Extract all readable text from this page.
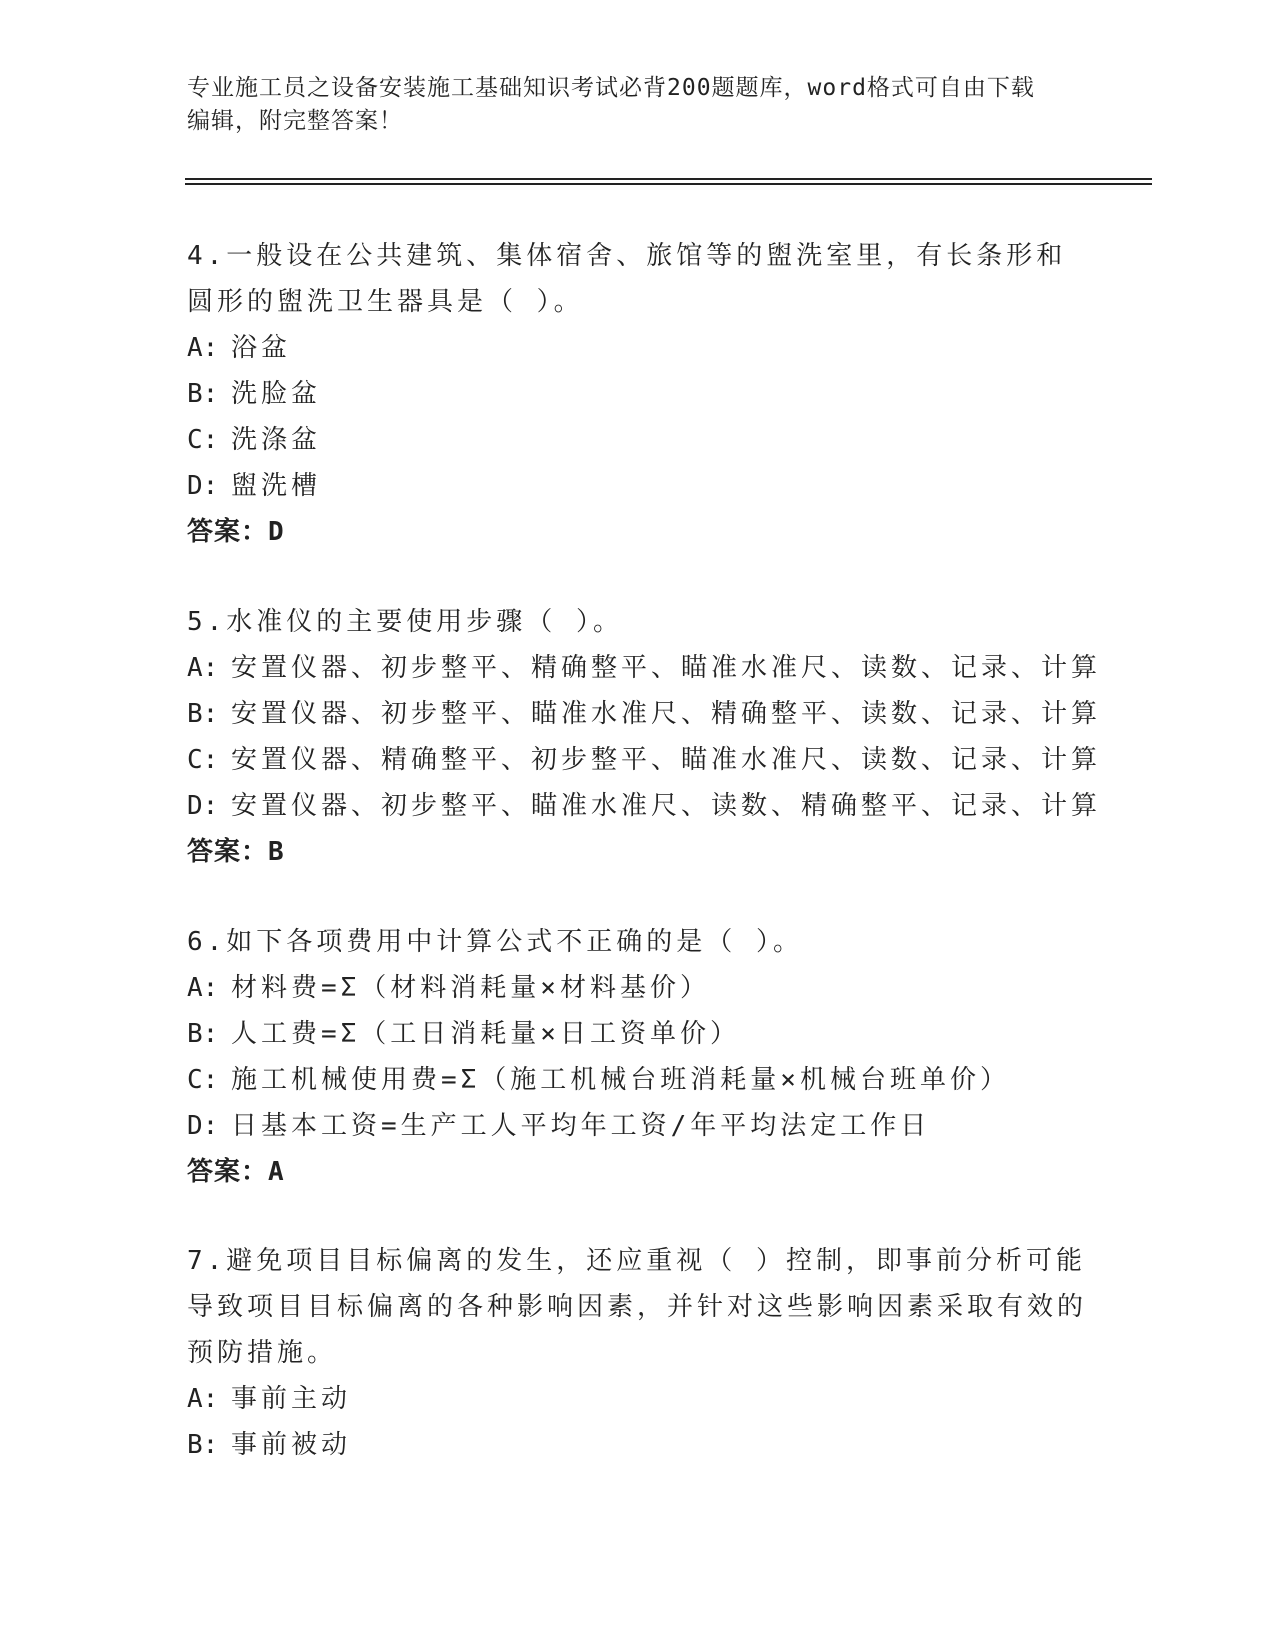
专业施工员之设备安装施工基础知识考试必背200题题库，word格式可自由下载
编辑，附完整答案！
4.一般设在公共建筑、集体宿舍、旅馆等的盥洗室里，有长条形和圆形的盥洗卫生器具是（ ）。
A: 浴盆
B: 洗脸盆
C: 洗涤盆
D: 盥洗槽
答案：D
5.水准仪的主要使用步骤（ ）。
A: 安置仪器、初步整平、精确整平、瞄准水准尺、读数、记录、计算
B: 安置仪器、初步整平、瞄准水准尺、精确整平、读数、记录、计算
C: 安置仪器、精确整平、初步整平、瞄准水准尺、读数、记录、计算
D: 安置仪器、初步整平、瞄准水准尺、读数、精确整平、记录、计算
答案：B
6.如下各项费用中计算公式不正确的是（ ）。
A: 材料费=Σ（材料消耗量×材料基价）
B: 人工费=Σ（工日消耗量×日工资单价）
C: 施工机械使用费=Σ（施工机械台班消耗量×机械台班单价）
D: 日基本工资=生产工人平均年工资/年平均法定工作日
答案：A
7.避免项目目标偏离的发生，还应重视（ ）控制，即事前分析可能导致项目目标偏离的各种影响因素，并针对这些影响因素采取有效的预防措施。
A: 事前主动
B: 事前被动
